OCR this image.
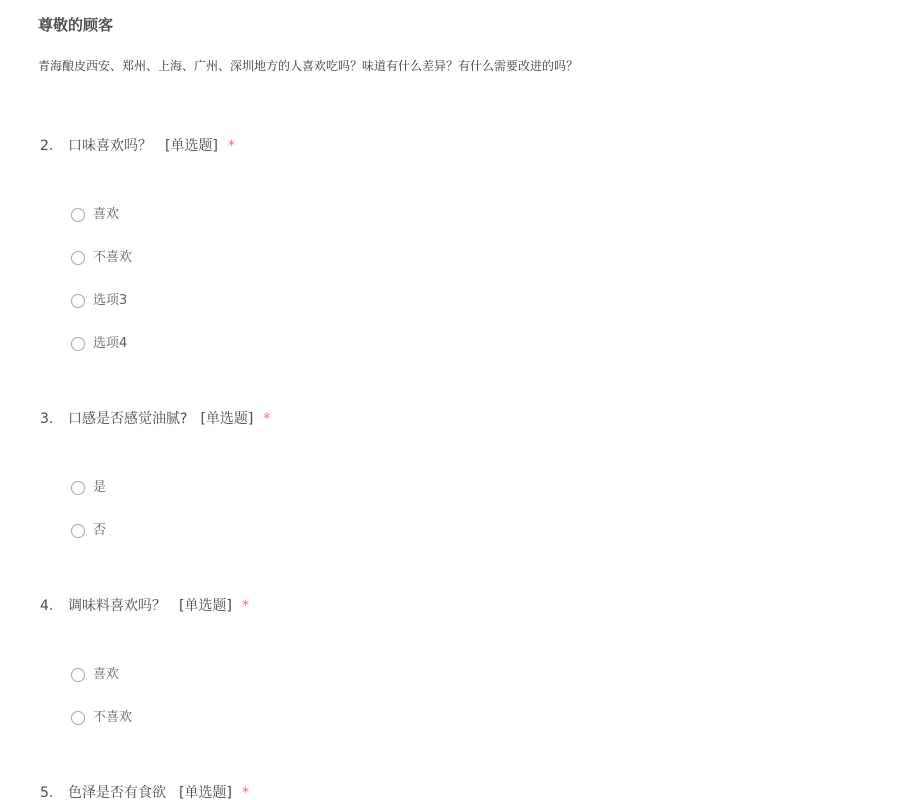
尊敬的顾客

青海酿皮西安、郑州、上海、广州、深圳地方的人喜欢吃吗？味道有什么差异？有什么需要改进的吗？

2.	口味喜欢吗？ [单选题] *
喜欢
不喜欢
选项3
选项4
3.	口感是否感觉油腻? [单选题] *
是
否
4.	调味料喜欢吗？ [单选题] *
喜欢
不喜欢
5.	色泽是否有食欲 [单选题] *
